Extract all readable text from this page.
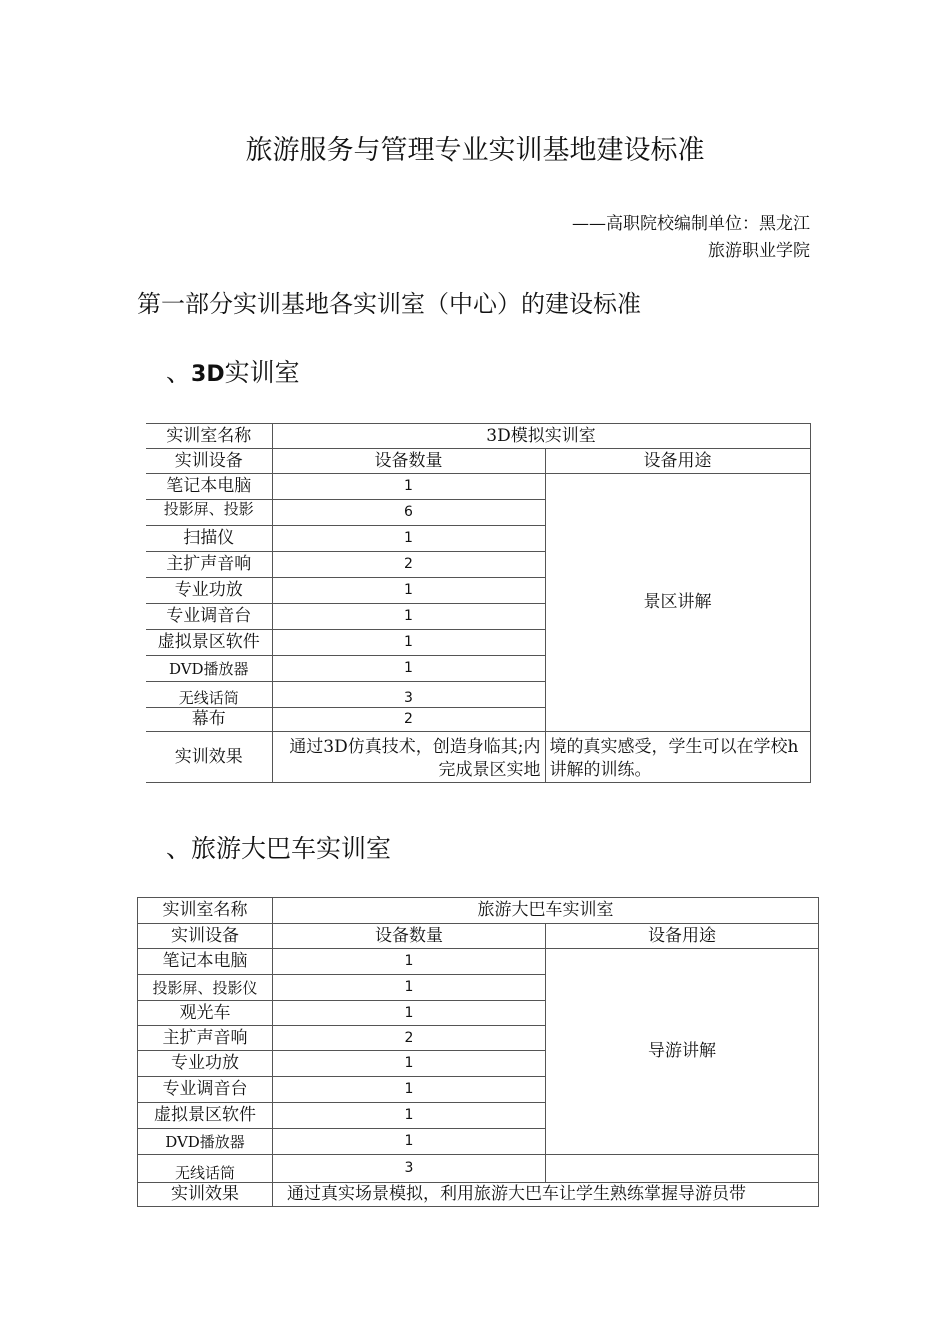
旅游服务与管理专业实训基地建设标准
——高职院校编制单位：黑龙江
旅游职业学院
第一部分实训基地各实训室（中心）的建设标准
、3D实训室
实训室名称	3D模拟实训室	
实训设备	设备数量	设备用途
笔记本电脑	1	景区讲解
投影屏、投影	6	
扫描仪	1	
主扩声音响	2	
专业功放	1	
专业调音台	1	
虚拟景区软件	1	
DVD播放器	1	
无线话筒	3	
幕布	2	
实训效果	通过3D仿真技术，创造身临其;内完成景区实地	境的真实感受，学生可以在学校h讲解的训练。
、旅游大巴车实训室
实训室名称	旅游大巴车实训室	
实训设备	设备数量	设备用途
笔记本电脑	1	导游讲解
投影屏、投影仪	1	
观光车	1	
主扩声音响	2	
专业功放	1	
专业调音台	1	
虚拟景区软件	1	
DVD播放器	1	
无线话筒	3	
实训效果	通过真实场景模拟，利用旅游大巴车让学生熟练掌握导游员带	
